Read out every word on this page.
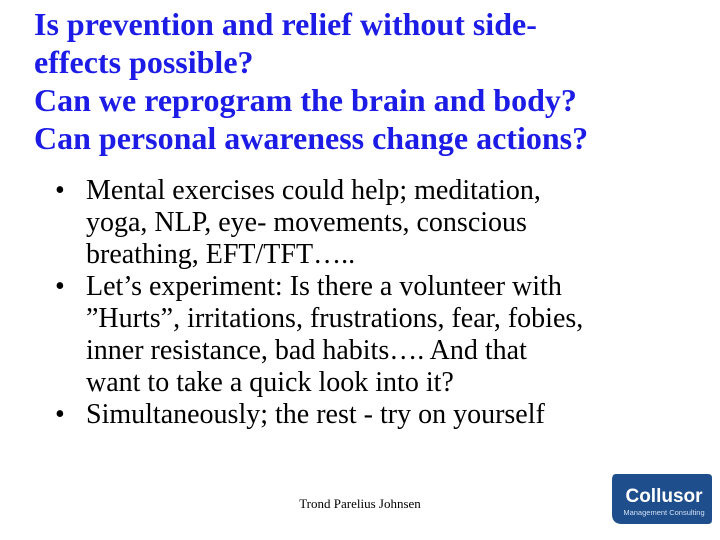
Is prevention and relief without side-
effects possible?
Can we reprogram the brain and body?
Can personal awareness change actions?
• Mental exercises could help; meditation,
yoga, NLP, eye- movements, conscious
breathing, EFT/TFT…..
• Let’s experiment: Is there a volunteer with
”Hurts”, irritations, frustrations, fear, fobies,
inner resistance, bad habits…. And that
want to take a quick look into it?
• Simultaneously; the rest - try on yourself
Trond Parelius Johnsen	Collusor
Management Consulting
